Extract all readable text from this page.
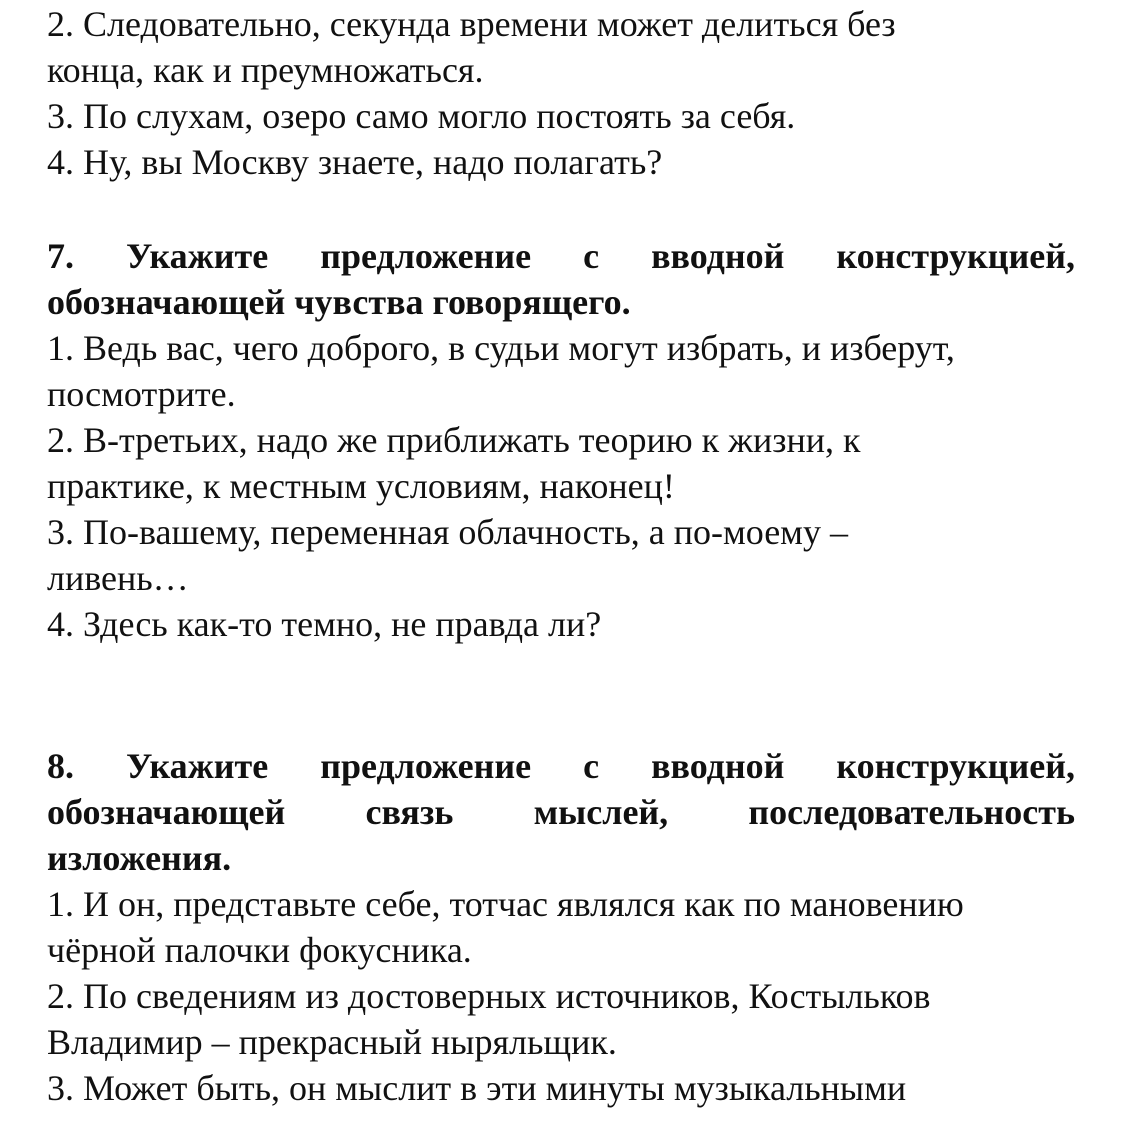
2. Следовательно, секунда времени может делиться без

конца, как и преумножаться.

3. По слухам, озеро само могло постоять за себя.

4. Ну, вы Москву знаете, надо полагать?

7. Укажите предложение с вводной конструкцией,

обозначающей чувства говорящего.

1. Ведь вас, чего доброго, в судьи могут избрать, и изберут,

посмотрите.

2. В-третьих, надо же приближать теорию к жизни, к

практике, к местным условиям, наконец!

3. По-вашему, переменная облачность, а по-моему –

ливень…

4. Здесь как-то темно, не правда ли?

8. Укажите предложение с вводной конструкцией,

обозначающей связь мыслей, последовательность

изложения.

1. И он, представьте себе, тотчас являлся как по мановению

чёрной палочки фокусника.

2. По сведениям из достоверных источников, Костыльков

Владимир – прекрасный ныряльщик.

3. Может быть, он мыслит в эти минуты музыкальными
